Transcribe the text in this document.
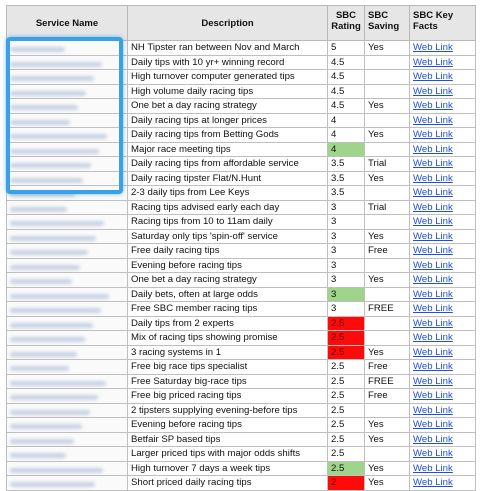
Service Name	Description	SBC Rating	SBC Saving	SBC Key Facts

	NH Tipster ran between Nov and March	5	Yes	Web Link

	Daily tips with 10 yr+ winning record	4.5		Web Link

	High turnover computer generated tips	4.5		Web Link

	High volume daily racing tips	4.5		Web Link

	One bet a day racing strategy	4.5	Yes	Web Link

	Daily racing tips at longer prices	4		Web Link

	Daily racing tips from Betting Gods	4	Yes	Web Link

	Major race meeting tips	4		Web Link

	Daily racing tips from affordable service	3.5	Trial	Web Link

	Daily racing tipster Flat/N.Hunt	3.5	Yes	Web Link

	2-3 daily tips from Lee Keys	3.5		Web Link

	Racing tips advised early each day	3	Trial	Web Link

	Racing tips from 10 to 11am daily	3		Web Link

	Saturday only tips 'spin-off' service	3	Yes	Web Link

	Free daily racing tips	3	Free	Web Link

	Evening before racing tips	3		Web Link

	One bet a day racing strategy	3	Yes	Web Link

	Daily bets, often at large odds	3		Web Link

	Free SBC member racing tips	3	FREE	Web Link

	Daily tips from 2 experts	2.5		Web Link

	Mix of racing tips showing promise	2.5		Web Link

	3 racing systems in 1	2.5	Yes	Web Link

	Free big race tips specialist	2.5	Free	Web Link

	Free Saturday big-race tips	2.5	FREE	Web Link

	Free big priced racing tips	2.5	Free	Web Link

	2 tipsters supplying evening-before tips	2.5		Web Link

	Evening before racing tips	2.5	Yes	Web Link

	Betfair SP based tips	2.5	Yes	Web Link

	Larger priced tips with major odds shifts	2.5		Web Link

	High turnover 7 days a week tips	2.5	Yes	Web Link

	Short priced daily racing tips	2	Yes	Web Link
